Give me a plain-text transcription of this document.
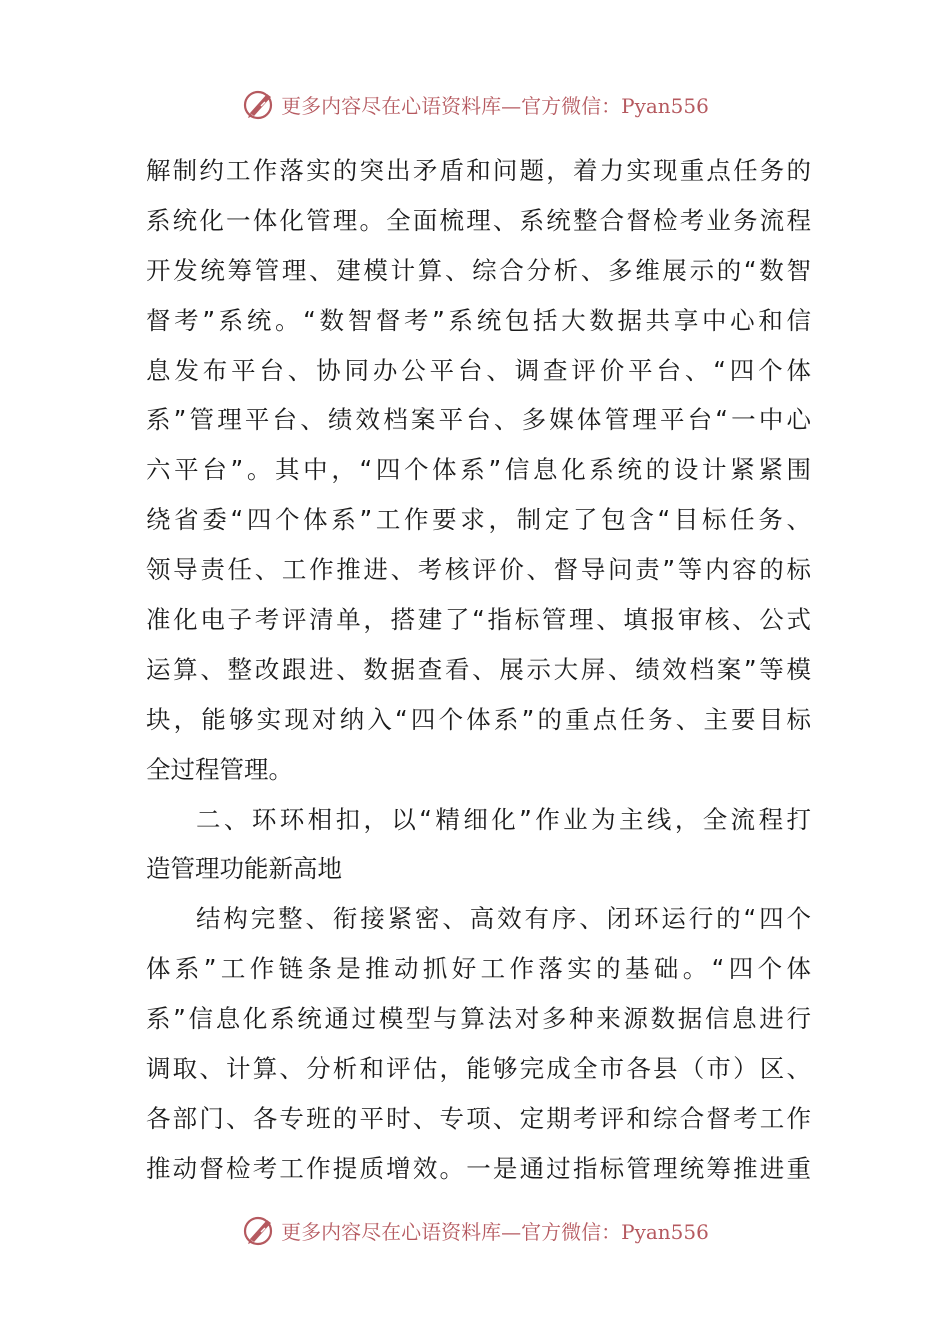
更多内容尽在心语资料库—官方微信：Pyan556
解制约工作落实的突出矛盾和问题，着力实现重点任务的
系统化一体化管理。全面梳理、系统整合督检考业务流程
开发统筹管理、建模计算、综合分析、多维展示的“数智
督考”系统。“数智督考”系统包括大数据共享中心和信
息发布平台、协同办公平台、调查评价平台、“四个体
系”管理平台、绩效档案平台、多媒体管理平台“一中心
六平台”。其中，“四个体系”信息化系统的设计紧紧围
绕省委“四个体系”工作要求，制定了包含“目标任务、
领导责任、工作推进、考核评价、督导问责”等内容的标
准化电子考评清单，搭建了“指标管理、填报审核、公式
运算、整改跟进、数据查看、展示大屏、绩效档案”等模
块，能够实现对纳入“四个体系”的重点任务、主要目标
全过程管理。
二、环环相扣，以“精细化”作业为主线，全流程打
造管理功能新高地
结构完整、衔接紧密、高效有序、闭环运行的“四个
体系”工作链条是推动抓好工作落实的基础。“四个体
系”信息化系统通过模型与算法对多种来源数据信息进行
调取、计算、分析和评估，能够完成全市各县（市）区、
各部门、各专班的平时、专项、定期考评和综合督考工作
推动督检考工作提质增效。一是通过指标管理统筹推进重
更多内容尽在心语资料库—官方微信：Pyan556
